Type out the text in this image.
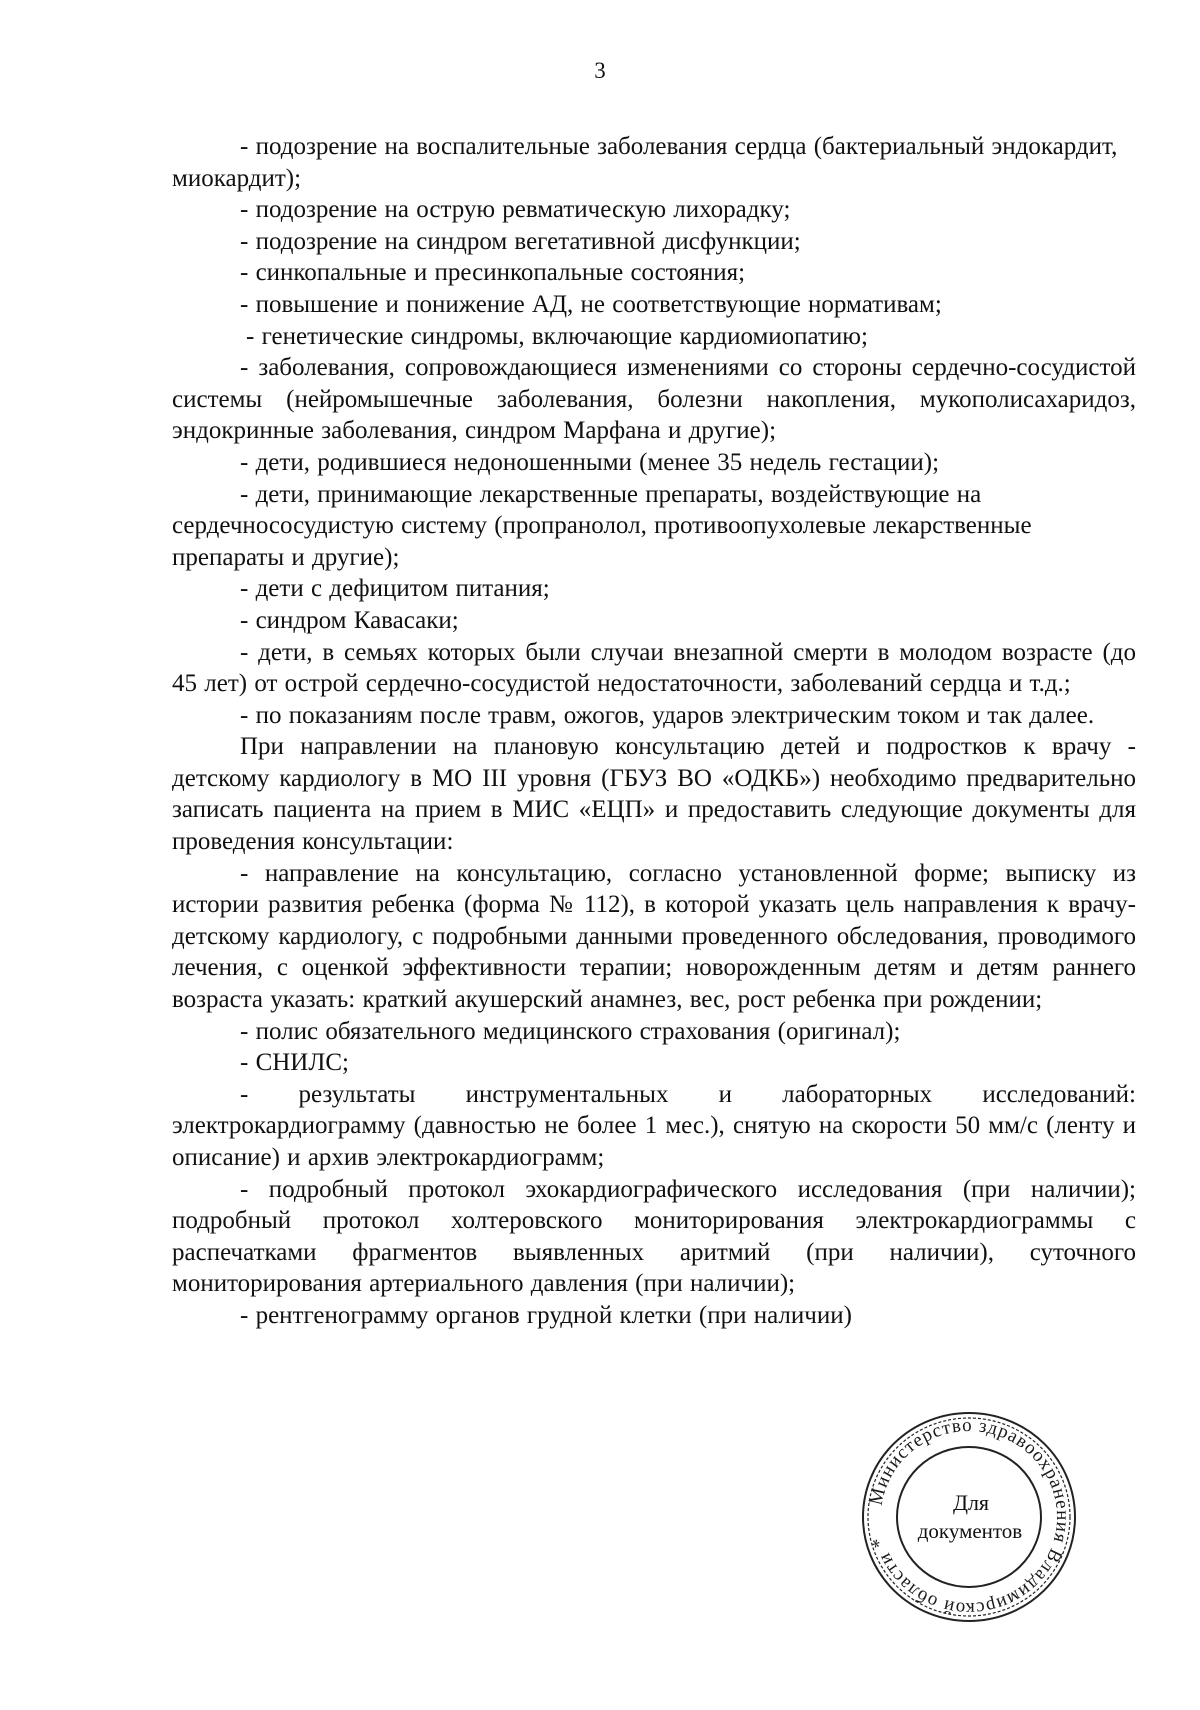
3

- подозрение на воспалительные заболевания сердца (бактериальный эндокардит, миокардит);

- подозрение на острую ревматическую лихорадку;

- подозрение на синдром вегетативной дисфункции;

- синкопальные и пресинкопальные состояния;

- повышение и понижение АД, не соответствующие нормативам;

- генетические синдромы, включающие кардиомиопатию;

- заболевания, сопровождающиеся изменениями со стороны сердечно-сосудистой системы (нейромышечные заболевания, болезни накопления, мукополисахаридоз, эндокринные заболевания, синдром Марфана и другие);

- дети, родившиеся недоношенными (менее 35 недель гестации);

- дети, принимающие лекарственные препараты, воздействующие на сердечнососудистую систему (пропранолол, противоопухолевые лекарственные препараты и другие);

- дети с дефицитом питания;

- синдром Кавасаки;

- дети, в семьях которых были случаи внезапной смерти в молодом возрасте (до 45 лет) от острой сердечно-сосудистой недостаточности, заболеваний сердца и т.д.;

- по показаниям после травм, ожогов, ударов электрическим током и так далее.

При направлении на плановую консультацию детей и подростков к врачу - детскому кардиологу в МО III уровня (ГБУЗ ВО «ОДКБ») необходимо предварительно записать пациента на прием в МИС «ЕЦП» и предоставить следующие документы для проведения консультации:

- направление на консультацию, согласно установленной форме; выписку из истории развития ребенка (форма № 112), в которой указать цель направления к врачу-детскому кардиологу, с подробными данными проведенного обследования, проводимого лечения, с оценкой эффективности терапии; новорожденным детям и детям раннего возраста указать: краткий акушерский анамнез, вес, рост ребенка при рождении;

- полис обязательного медицинского страхования (оригинал);

- СНИЛС;

- результаты инструментальных и лабораторных исследований: электрокардиограмму (давностью не более 1 мес.), снятую на скорости 50 мм/с (ленту и описание) и архив электрокардиограмм;

- подробный протокол эхокардиографического исследования (при наличии); подробный протокол холтеровского мониторирования электрокардиограммы с распечатками фрагментов выявленных аритмий (при наличии), суточного мониторирования артериального давления (при наличии);

- рентгенограмму органов грудной клетки (при наличии)

Министерство здравоохранения Владимирской области *
Для
документов
